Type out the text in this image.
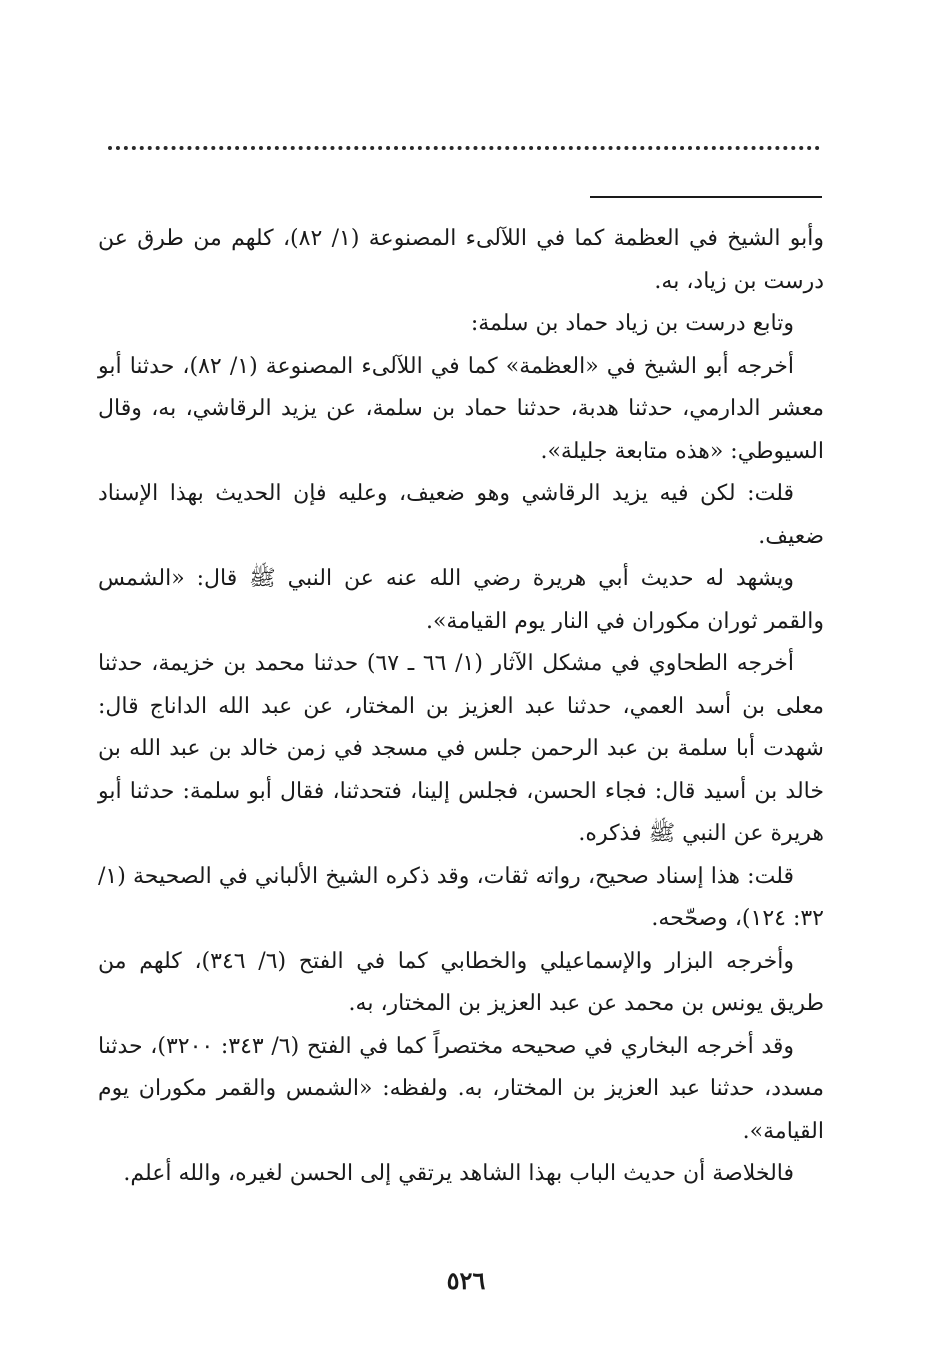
وأبو الشيخ في العظمة كما في اللآلىء المصنوعة (١/ ٨٢)، كلهم من طرق عن درست بن زياد، به.

وتابع درست بن زياد حماد بن سلمة:

أخرجه أبو الشيخ في «العظمة» كما في اللآلىء المصنوعة (١/ ٨٢)، حدثنا أبو معشر الدارمي، حدثنا هدبة، حدثنا حماد بن سلمة، عن يزيد الرقاشي، به، وقال السيوطي: «هذه متابعة جليلة».

قلت: لكن فيه يزيد الرقاشي وهو ضعيف، وعليه فإن الحديث بهذا الإسناد ضعيف.

ويشهد له حديث أبي هريرة رضي الله عنه عن النبي ﷺ قال: «الشمس والقمر ثوران مكوران في النار يوم القيامة».

أخرجه الطحاوي في مشكل الآثار (١/ ٦٦ ـ ٦٧) حدثنا محمد بن خزيمة، حدثنا معلى بن أسد العمي، حدثنا عبد العزيز بن المختار، عن عبد الله الداناج قال: شهدت أبا سلمة بن عبد الرحمن جلس في مسجد في زمن خالد بن عبد الله بن خالد بن أسيد قال: فجاء الحسن، فجلس إلينا، فتحدثنا، فقال أبو سلمة: حدثنا أبو هريرة عن النبي ﷺ فذكره.

قلت: هذا إسناد صحيح، رواته ثقات، وقد ذكره الشيخ الألباني في الصحيحة (١/ ٣٢: ١٢٤)، وصحّحه.

وأخرجه البزار والإسماعيلي والخطابي كما في الفتح (٦/ ٣٤٦)، كلهم من طريق يونس بن محمد عن عبد العزيز بن المختار، به.

وقد أخرجه البخاري في صحيحه مختصراً كما في الفتح (٦/ ٣٤٣: ٣٢٠٠)، حدثنا مسدد، حدثنا عبد العزيز بن المختار، به. ولفظه: «الشمس والقمر مكوران يوم القيامة».

فالخلاصة أن حديث الباب بهذا الشاهد يرتقي إلى الحسن لغيره، والله أعلم.

٥٢٦
